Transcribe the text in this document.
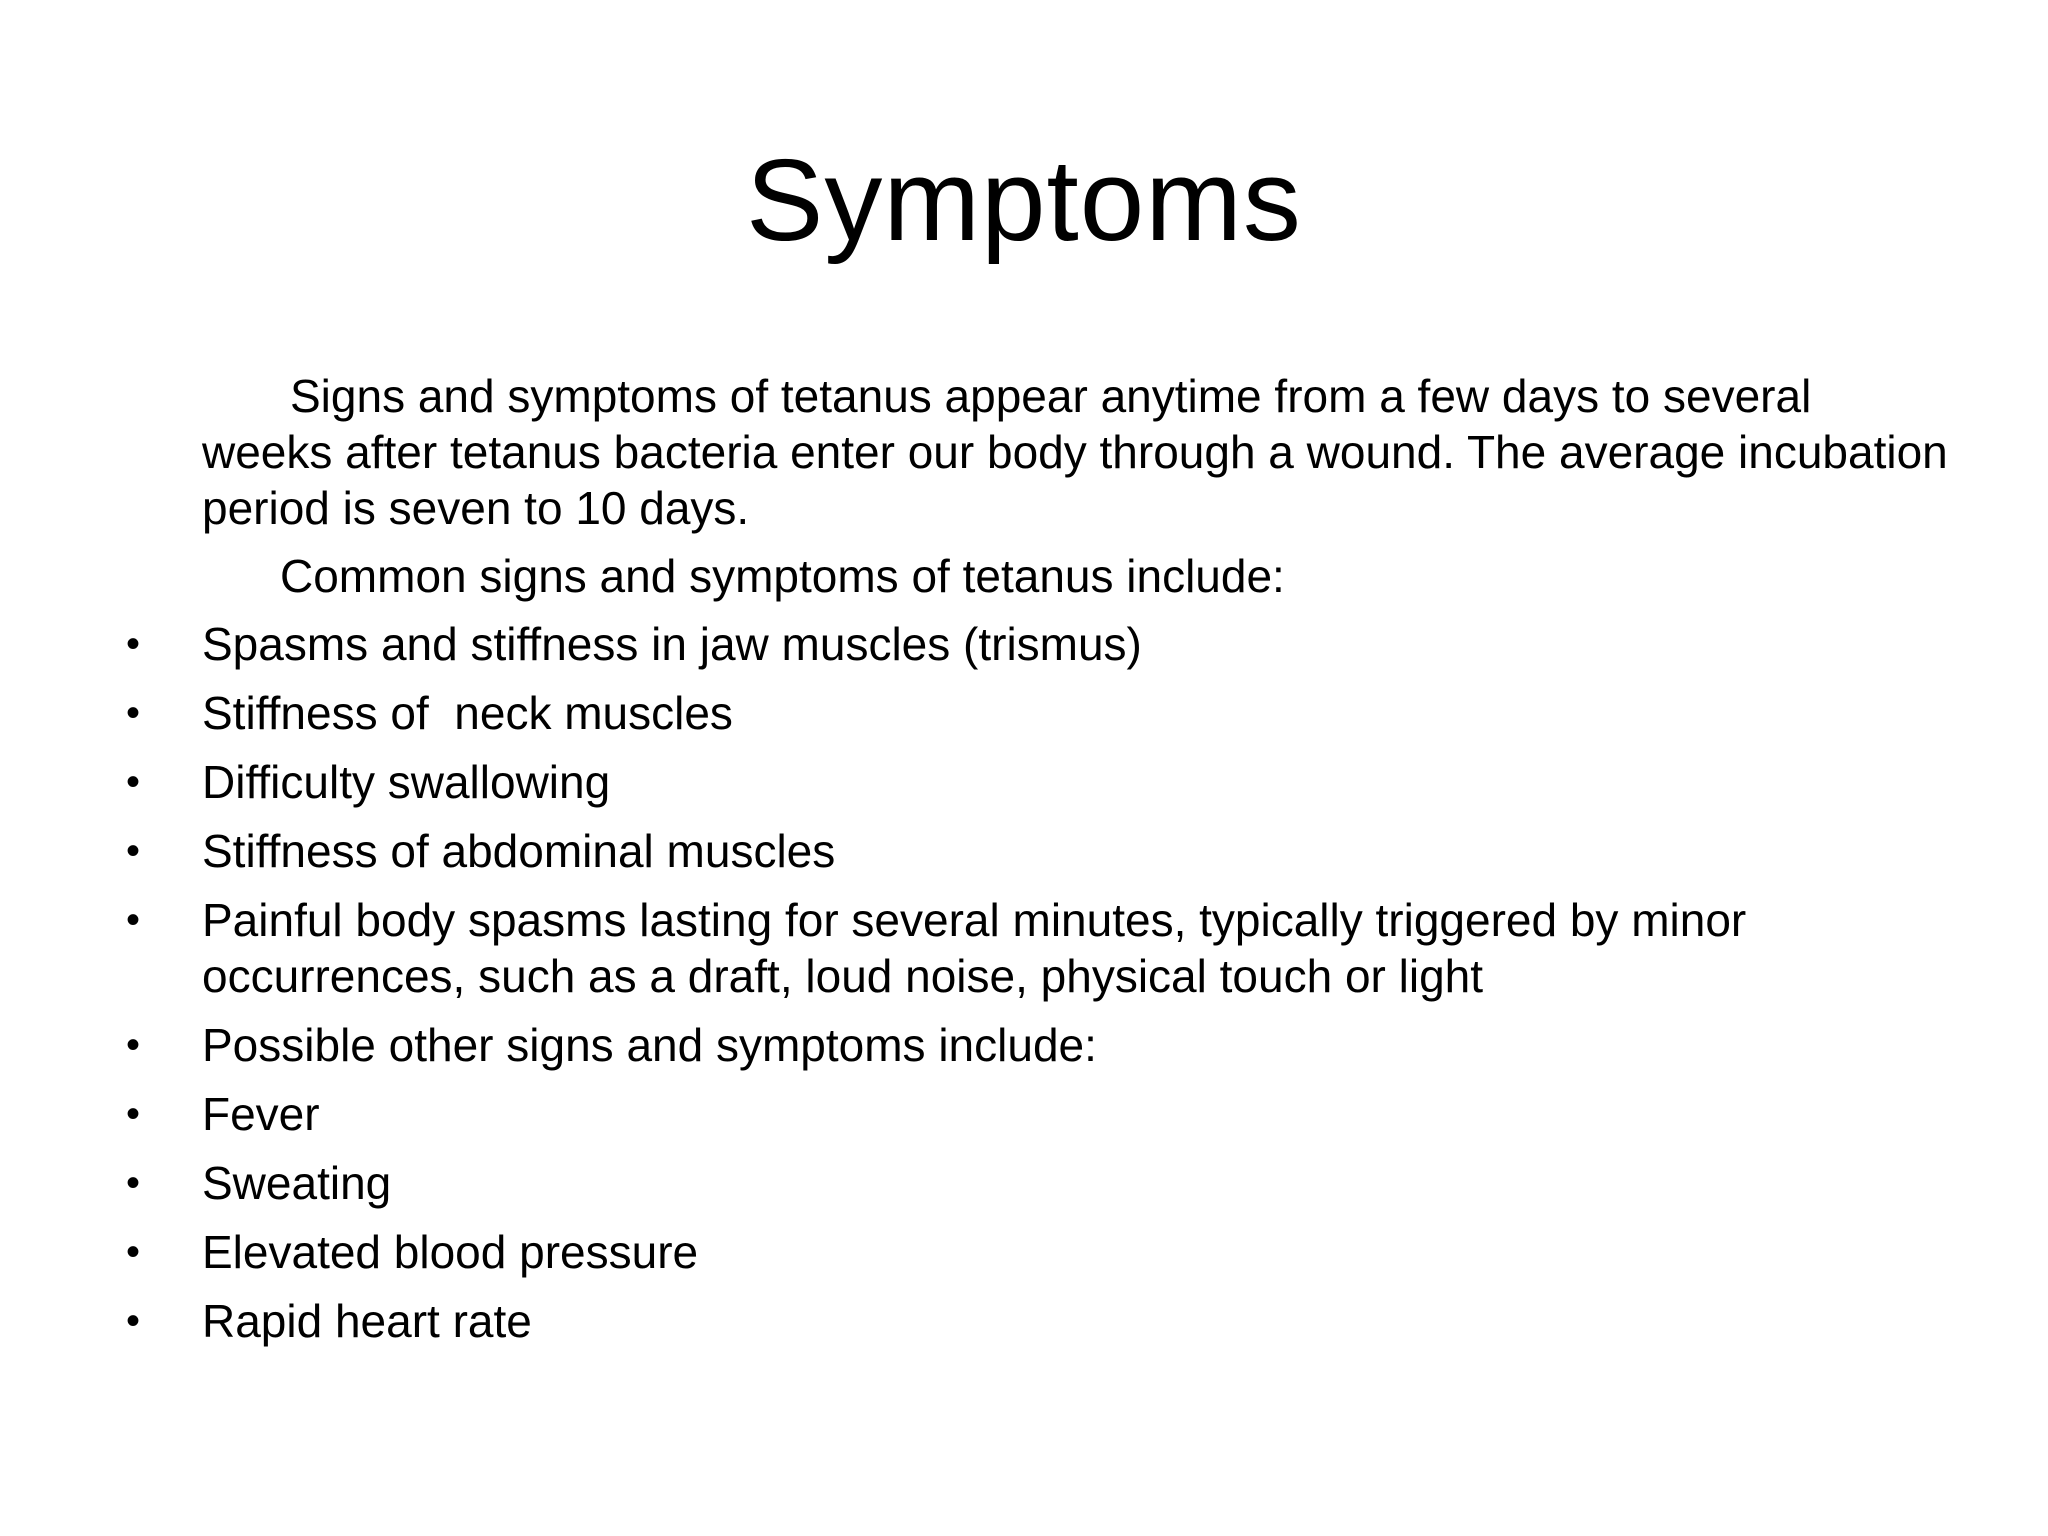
Symptoms

Signs and symptoms of tetanus appear anytime from a few days to several weeks after tetanus bacteria enter our body through a wound. The average incubation period is seven to 10 days.

Common signs and symptoms of tetanus include:

• Spasms and stiffness in jaw muscles (trismus)
• Stiffness of  neck muscles
• Difficulty swallowing
• Stiffness of abdominal muscles
• Painful body spasms lasting for several minutes, typically triggered by minor occurrences, such as a draft, loud noise, physical touch or light
• Possible other signs and symptoms include:
• Fever
• Sweating
• Elevated blood pressure
• Rapid heart rate
